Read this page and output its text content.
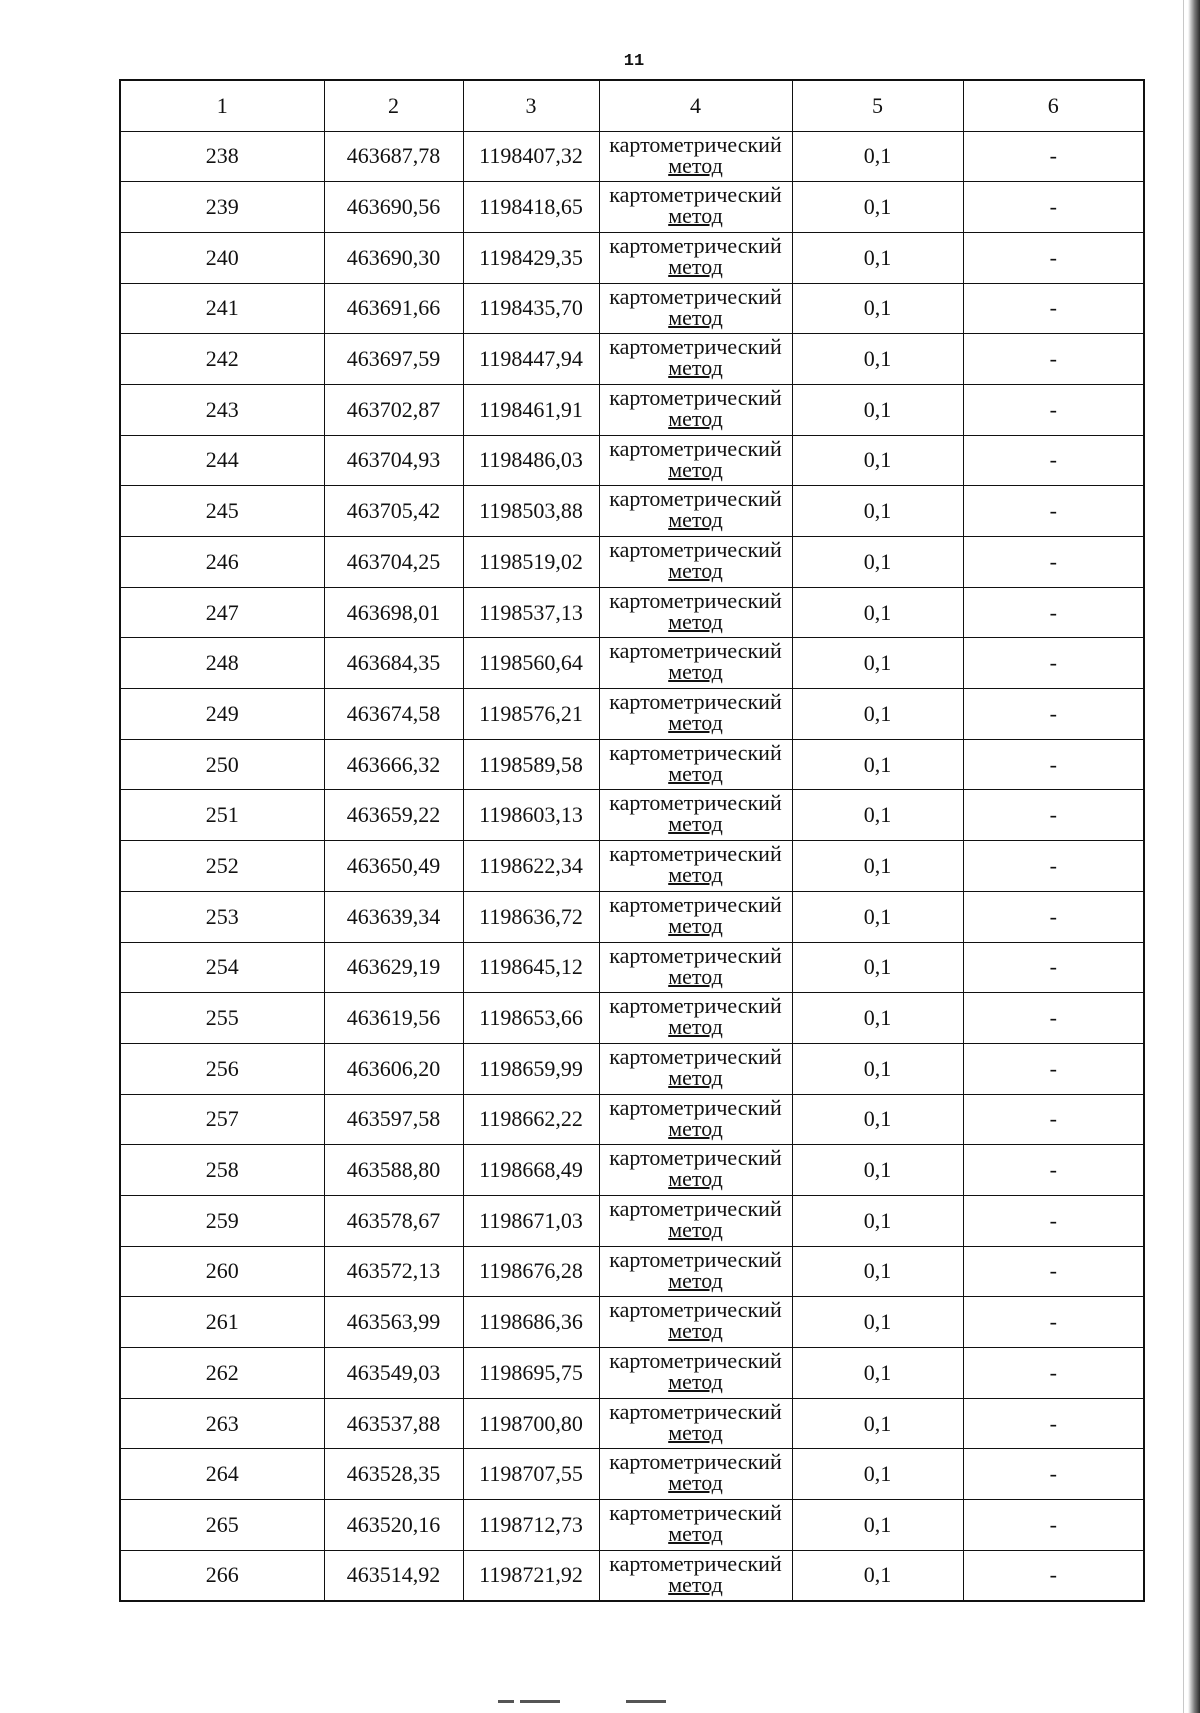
11
1	2	3	4	5	6
238	463687,78	1198407,32	картометрический
метод	0,1	-
239	463690,56	1198418,65	картометрический
метод	0,1	-
240	463690,30	1198429,35	картометрический
метод	0,1	-
241	463691,66	1198435,70	картометрический
метод	0,1	-
242	463697,59	1198447,94	картометрический
метод	0,1	-
243	463702,87	1198461,91	картометрический
метод	0,1	-
244	463704,93	1198486,03	картометрический
метод	0,1	-
245	463705,42	1198503,88	картометрический
метод	0,1	-
246	463704,25	1198519,02	картометрический
метод	0,1	-
247	463698,01	1198537,13	картометрический
метод	0,1	-
248	463684,35	1198560,64	картометрический
метод	0,1	-
249	463674,58	1198576,21	картометрический
метод	0,1	-
250	463666,32	1198589,58	картометрический
метод	0,1	-
251	463659,22	1198603,13	картометрический
метод	0,1	-
252	463650,49	1198622,34	картометрический
метод	0,1	-
253	463639,34	1198636,72	картометрический
метод	0,1	-
254	463629,19	1198645,12	картометрический
метод	0,1	-
255	463619,56	1198653,66	картометрический
метод	0,1	-
256	463606,20	1198659,99	картометрический
метод	0,1	-
257	463597,58	1198662,22	картометрический
метод	0,1	-
258	463588,80	1198668,49	картометрический
метод	0,1	-
259	463578,67	1198671,03	картометрический
метод	0,1	-
260	463572,13	1198676,28	картометрический
метод	0,1	-
261	463563,99	1198686,36	картометрический
метод	0,1	-
262	463549,03	1198695,75	картометрический
метод	0,1	-
263	463537,88	1198700,80	картометрический
метод	0,1	-
264	463528,35	1198707,55	картометрический
метод	0,1	-
265	463520,16	1198712,73	картометрический
метод	0,1	-
266	463514,92	1198721,92	картометрический
метод	0,1	-
